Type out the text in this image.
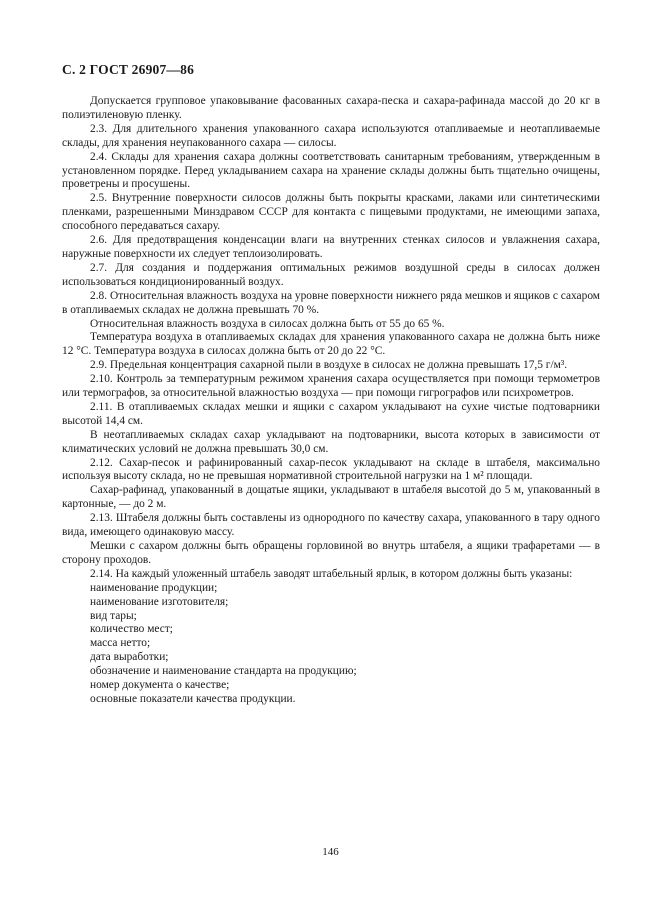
С. 2 ГОСТ 26907—86

Допускается групповое упаковывание фасованных сахара-песка и сахара-рафинада массой до 20 кг в полиэтиленовую пленку.

2.3. Для длительного хранения упакованного сахара используются отапливаемые и неотапливаемые склады, для хранения неупакованного сахара — силосы.

2.4. Склады для хранения сахара должны соответствовать санитарным требованиям, утвержденным в установленном порядке. Перед укладыванием сахара на хранение склады должны быть тщательно очищены, проветрены и просушены.

2.5. Внутренние поверхности силосов должны быть покрыты красками, лаками или синтетическими пленками, разрешенными Минздравом СССР для контакта с пищевыми продуктами, не имеющими запаха, способного передаваться сахару.

2.6. Для предотвращения конденсации влаги на внутренних стенках силосов и увлажнения сахара, наружные поверхности их следует теплоизолировать.

2.7. Для создания и поддержания оптимальных режимов воздушной среды в силосах должен использоваться кондиционированный воздух.

2.8. Относительная влажность воздуха на уровне поверхности нижнего ряда мешков и ящиков с сахаром в отапливаемых складах не должна превышать 70 %.

Относительная влажность воздуха в силосах должна быть от 55 до 65 %.

Температура воздуха в отапливаемых складах для хранения упакованного сахара не должна быть ниже 12 °С. Температура воздуха в силосах должна быть от 20 до 22 °С.

2.9. Предельная концентрация сахарной пыли в воздухе в силосах не должна превышать 17,5 г/м³.

2.10. Контроль за температурным режимом хранения сахара осуществляется при помощи термометров или термографов, за относительной влажностью воздуха — при помощи гигрографов или психрометров.

2.11. В отапливаемых складах мешки и ящики с сахаром укладывают на сухие чистые подтоварники высотой 14,4 см.

В неотапливаемых складах сахар укладывают на подтоварники, высота которых в зависимости от климатических условий не должна превышать 30,0 см.

2.12. Сахар-песок и рафинированный сахар-песок укладывают на складе в штабеля, максимально используя высоту склада, но не превышая нормативной строительной нагрузки на 1 м² площади.

Сахар-рафинад, упакованный в дощатые ящики, укладывают в штабеля высотой до 5 м, упакованный в картонные, — до 2 м.

2.13. Штабеля должны быть составлены из однородного по качеству сахара, упакованного в тару одного вида, имеющего одинаковую массу.

Мешки с сахаром должны быть обращены горловиной во внутрь штабеля, а ящики трафаретами — в сторону проходов.

2.14. На каждый уложенный штабель заводят штабельный ярлык, в котором должны быть указаны:

наименование продукции;

наименование изготовителя;

вид тары;

количество мест;

масса нетто;

дата выработки;

обозначение и наименование стандарта на продукцию;

номер документа о качестве;

основные показатели качества продукции.

146
